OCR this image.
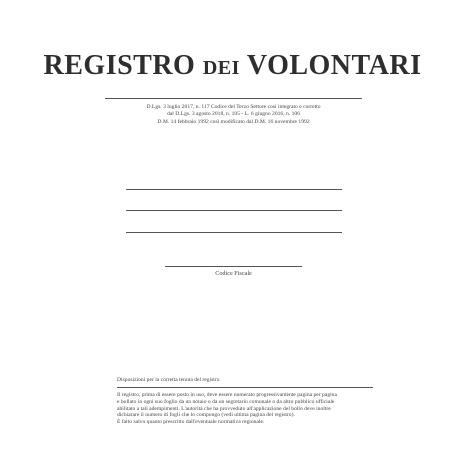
REGISTRO DEI VOLONTARI
D.Lgs. 3 luglio 2017, n. 117 Codice del Terzo Settore così integrato e corretto
dal D.Lgs. 3 agosto 2018, n. 105 - L. 6 giugno 2016, n. 106
D.M. 14 febbraio 1992 così modificato dal D.M. 16 novembre 1992
Codice Fiscale
Disposizioni per la corretta tenuta del registro
Il registro, prima di essere posto in uso, deve essere numerato progressivamente pagina per pagina
e bollato in ogni suo foglio da un notaio o da un segretario comunale o da altro pubblico ufficiale
abilitato a tali adempimenti. L'autorità che ha provveduto all'applicazione del bollo deve inoltre
dichiarare il numero di fogli che lo compongo (vedi ultima pagina del registro).
È fatto salvo quanto prescritto dall'eventuale normativa regionale.
